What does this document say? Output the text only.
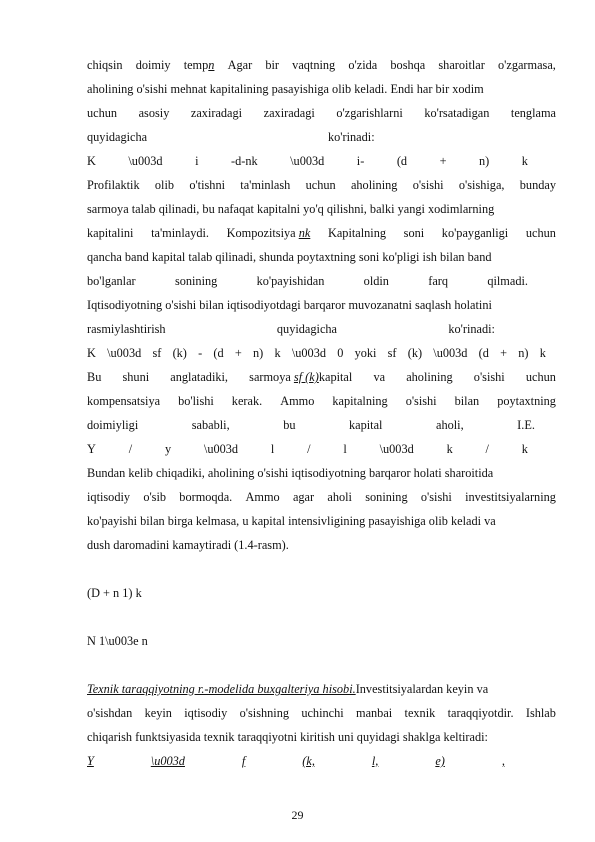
chiqsin doimiy tempn Agar bir vaqtning o'zida boshqa sharoitlar o'zgarmasa,
aholining o'sishi mehnat kapitalining pasayishiga olib keladi. Endi har bir xodim
uchun asosiy zaxiradagi zaxiradagi o'zgarishlarni ko'rsatadigan tenglama
quyidagicha	ko'rinadi:
K	\u003d	i	-d-nk	\u003d	i-	(d	+	n)	k
Profilaktik olib o'tishni ta'minlash uchun aholining o'sishi o'sishiga, bunday
sarmoya talab qilinadi, bu nafaqat kapitalni yo'q qilishni, balki yangi xodimlarning
kapitalini ta'minlaydi. Kompozitsiya nk Kapitalning soni ko'payganligi uchun
qancha band kapital talab qilinadi, shunda poytaxtning soni ko'pligi ish bilan band
bo'lganlar	sonining	ko'payishidan	oldin	farq	qilmadi.
Iqtisodiyotning o'sishi bilan iqtisodiyotdagi barqaror muvozanatni saqlash holatini
rasmiylashtirish	quyidagicha	ko'rinadi:
K \u003d sf (k) - (d + n) k \u003d 0 yoki sf (k) \u003d (d + n) k
Bu shuni anglatadiki, sarmoya sf (k)kapital va aholining o'sishi uchun
kompensatsiya bo'lishi kerak. Ammo kapitalning o'sishi bilan poytaxtning
doimiyligi	sababli,	bu	kapital	aholi,	I.E.
Y	/	y	\u003d	l	/	l	\u003d	k	/	k
Bundan kelib chiqadiki, aholining o'sishi iqtisodiyotning barqaror holati sharoitida
iqtisodiy o'sib bormoqda. Ammo agar aholi sonining o'sishi investitsiyalarning
ko'payishi bilan birga kelmasa, u kapital intensivligining pasayishiga olib keladi va
dush daromadini kamaytiradi (1.4-rasm).
(D + n 1) k
N 1\u003e n
Texnik taraqqiyotning r.-modelida buxgalteriya hisobi.Investitsiyalardan keyin va
o'sishdan keyin iqtisodiy o'sishning uchinchi manbai texnik taraqqiyotdir. Ishlab
chiqarish funktsiyasida texnik taraqqiyotni kiritish uni quyidagi shaklga keltiradi:
Y	\u003d	f	(k,	l,	e)	,
29
